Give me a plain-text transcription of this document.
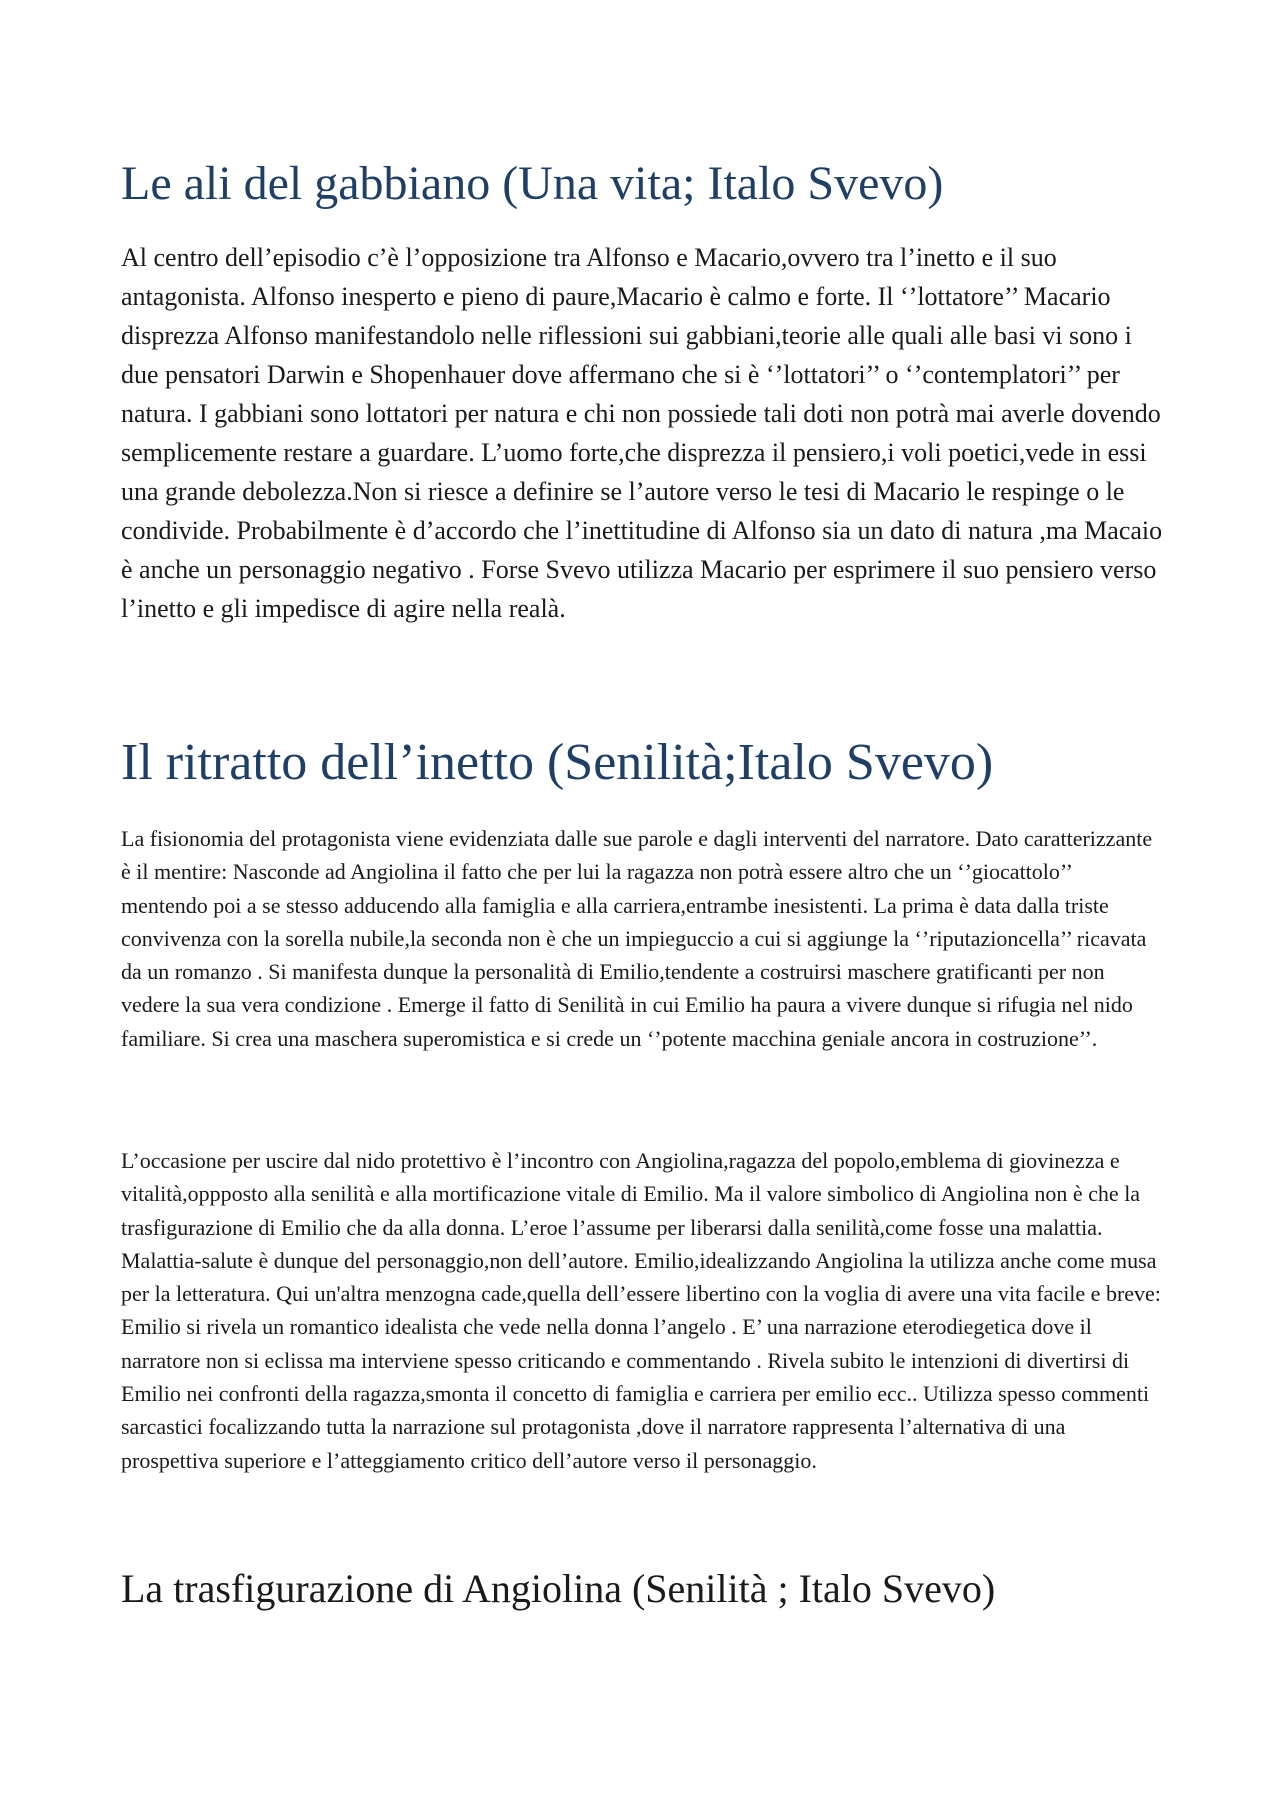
Le ali del gabbiano (Una vita; Italo Svevo)

Al centro dell’episodio c’è l’opposizione tra Alfonso e Macario,ovvero tra l’inetto e il suo antagonista. Alfonso inesperto e pieno di paure,Macario è calmo e forte. Il ‘’lottatore’’ Macario disprezza Alfonso manifestandolo nelle riflessioni sui gabbiani,teorie alle quali alle basi vi sono i due pensatori Darwin e Shopenhauer dove affermano che si è ‘’lottatori’’ o ‘’contemplatori’’ per natura. I gabbiani sono lottatori per natura e chi non possiede tali doti non potrà mai averle dovendo semplicemente restare a guardare. L’uomo forte,che disprezza il pensiero,i voli poetici,vede in essi una grande debolezza.Non si riesce a definire se l’autore verso le tesi di Macario le respinge o le condivide. Probabilmente è d’accordo che l’inettitudine di Alfonso sia un dato di natura ,ma Macaio è anche un personaggio negativo . Forse Svevo utilizza Macario per esprimere il suo pensiero verso l’inetto e gli impedisce di agire nella realà.

Il ritratto dell’inetto (Senilità;Italo Svevo)

La fisionomia del protagonista viene evidenziata dalle sue parole e dagli interventi del narratore. Dato caratterizzante è il mentire: Nasconde ad Angiolina il fatto che per lui la ragazza non potrà essere altro che un ‘’giocattolo’’ mentendo poi a se stesso adducendo alla famiglia e alla carriera,entrambe inesistenti. La prima è data dalla triste convivenza con la sorella nubile,la seconda non è che un impieguccio a cui si aggiunge la ‘’riputazioncella’’ ricavata da un romanzo . Si manifesta dunque la personalità di Emilio,tendente a costruirsi maschere gratificanti per non vedere la sua vera condizione . Emerge il fatto di Senilità in cui Emilio ha paura a vivere dunque si rifugia nel nido familiare. Si crea una maschera superomistica e si crede un ‘’potente macchina geniale ancora in costruzione’’.

L’occasione per uscire dal nido protettivo è l’incontro con Angiolina,ragazza del popolo,emblema di giovinezza e vitalità,oppposto alla senilità e alla mortificazione vitale di Emilio. Ma il valore simbolico di Angiolina non è che la trasfigurazione di Emilio che da alla donna. L’eroe l’assume per liberarsi dalla senilità,come fosse una malattia. Malattia-salute è dunque del personaggio,non dell’autore. Emilio,idealizzando Angiolina la utilizza anche come musa per la letteratura. Qui un'altra menzogna cade,quella dell’essere libertino con la voglia di avere una vita facile e breve: Emilio si rivela un romantico idealista che vede nella donna l’angelo . E’ una narrazione eterodiegetica dove il narratore non si eclissa ma interviene spesso criticando e commentando . Rivela subito le intenzioni di divertirsi di Emilio nei confronti della ragazza,smonta il concetto di famiglia e carriera per emilio ecc.. Utilizza spesso commenti sarcastici focalizzando tutta la narrazione sul protagonista ,dove il narratore rappresenta l’alternativa di una prospettiva superiore e l’atteggiamento critico dell’autore verso il personaggio.

La trasfigurazione di Angiolina (Senilità ; Italo Svevo)
